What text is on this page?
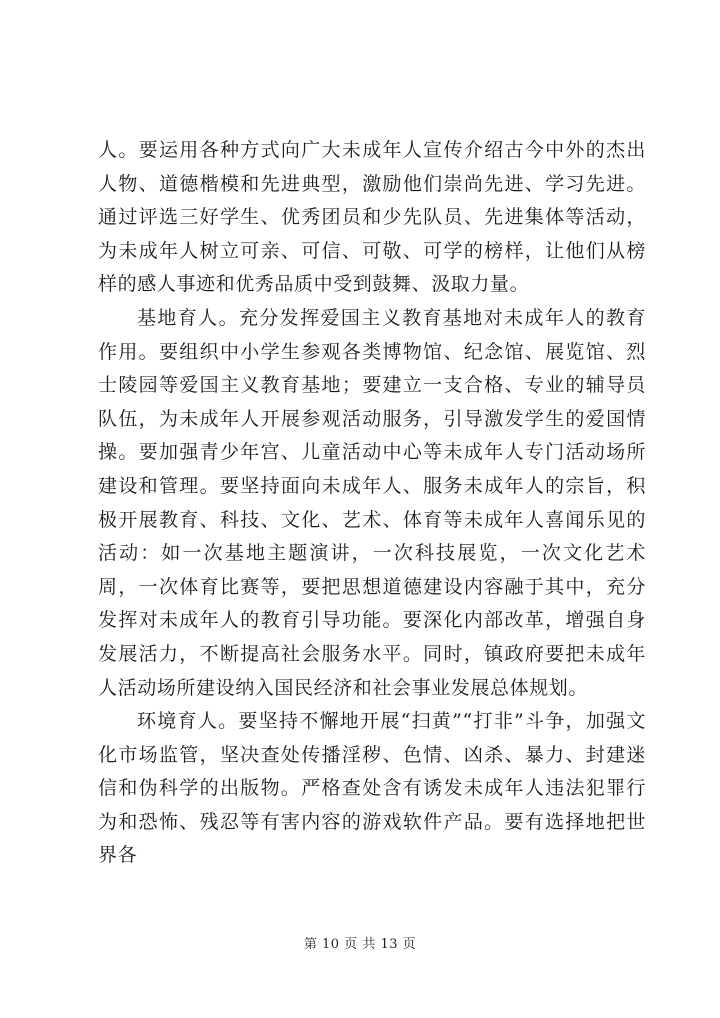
人。要运用各种方式向广大未成年人宣传介绍古今中外的杰出人物、道德楷模和先进典型，激励他们崇尚先进、学习先进。通过评选三好学生、优秀团员和少先队员、先进集体等活动，为未成年人树立可亲、可信、可敬、可学的榜样，让他们从榜样的感人事迹和优秀品质中受到鼓舞、汲取力量。

基地育人。充分发挥爱国主义教育基地对未成年人的教育作用。要组织中小学生参观各类博物馆、纪念馆、展览馆、烈士陵园等爱国主义教育基地；要建立一支合格、专业的辅导员队伍，为未成年人开展参观活动服务，引导激发学生的爱国情操。要加强青少年宫、儿童活动中心等未成年人专门活动场所建设和管理。要坚持面向未成年人、服务未成年人的宗旨，积极开展教育、科技、文化、艺术、体育等未成年人喜闻乐见的活动：如一次基地主题演讲，一次科技展览，一次文化艺术周，一次体育比赛等，要把思想道德建设内容融于其中，充分发挥对未成年人的教育引导功能。要深化内部改革，增强自身发展活力，不断提高社会服务水平。同时，镇政府要把未成年人活动场所建设纳入国民经济和社会事业发展总体规划。

环境育人。要坚持不懈地开展“扫黄”“打非”斗争，加强文化市场监管，坚决查处传播淫秽、色情、凶杀、暴力、封建迷信和伪科学的出版物。严格查处含有诱发未成年人违法犯罪行为和恐怖、残忍等有害内容的游戏软件产品。要有选择地把世界各

第 10 页 共 13 页
